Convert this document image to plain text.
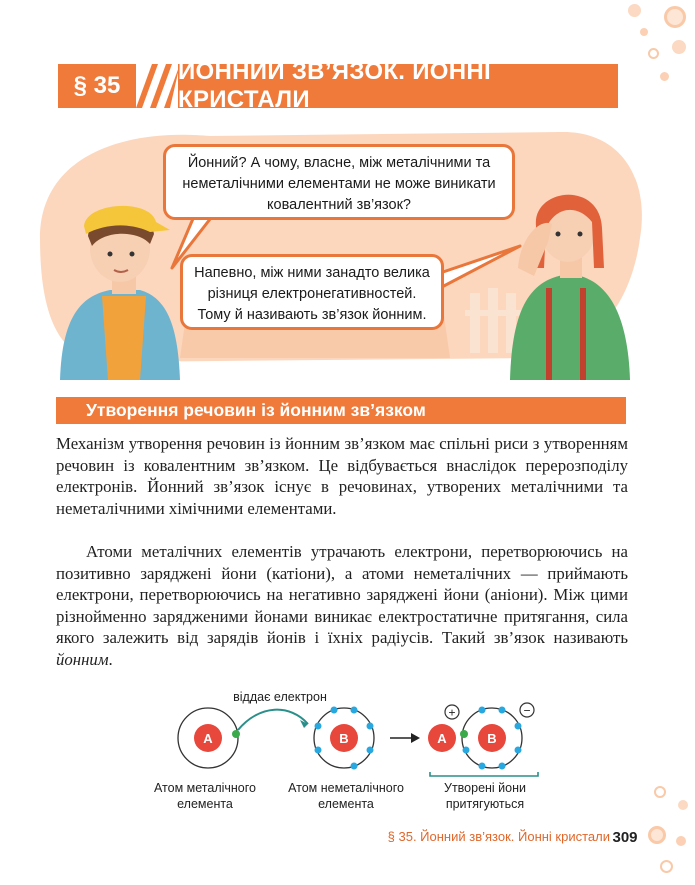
§ 35
ЙОННИЙ ЗВ’ЯЗОК. ЙОННІ КРИСТАЛИ
Йонний? А чому, власне, між металічними та неметалічними елементами не може виникати ковалентний зв’язок?
Напевно, між ними занадто велика різниця електронегативностей. Тому й називають зв’язок йонним.
Утворення речовин із йонним зв’язком

Механізм утворення речовин із йонним зв’язком має спільні риси з утворенням речовин із ковалентним зв’язком. Це відбувається внаслідок перерозподілу електронів. Йонний зв’язок існує в речовинах, утворених металічними та неметалічними хімічними елементами.

Атоми металічних елементів утрачають електрони, перетворюючись на позитивно заряджені йони (катіони), а атоми неметалічних — приймають електрони, перетворюючись на негативно заряджені йони (аніони). Між цими різнойменно зарядженими йонами виникає електростатичне притягання, сила якого залежить від зарядів йонів і їхніх радіусів. Такий зв’язок називають йонним.

A	B	A
+
B
−
віддає електрон
Атом металічного
елемента
Атом неметалічного
елемента
Утворені йони
притягуються
§ 35. Йонний зв’язок. Йонні кристали 309
